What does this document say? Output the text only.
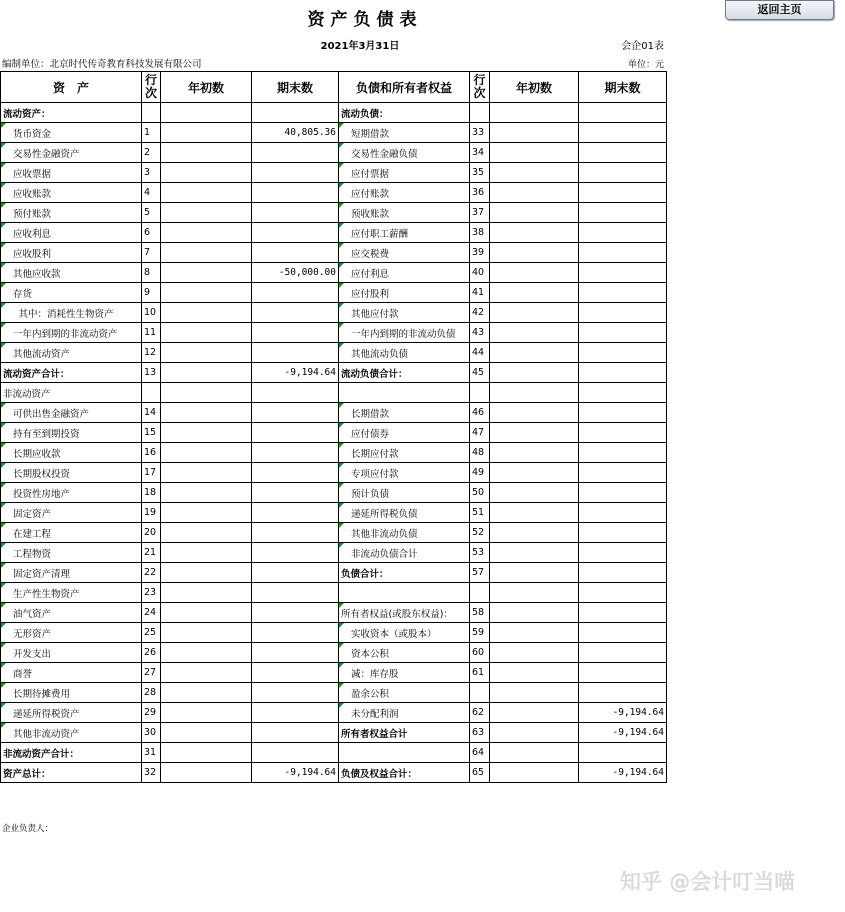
返回主页
资产负债表
2021年3月31日	会企01表
编制单位：北京时代传奇教育科技发展有限公司	单位：元
资　产	行次	年初数	期末数	负债和所有者权益	行次	年初数	期末数
流动资产：				流动负债：			
货币资金	1		40,805.36	短期借款	33		
交易性金融资产	2			交易性金融负债	34		
应收票据	3			应付票据	35		
应收账款	4			应付账款	36		
预付账款	5			预收账款	37		
应收利息	6			应付职工薪酬	38		
应收股利	7			应交税费	39		
其他应收款	8		-50,000.00	应付利息	40		
存货	9			应付股利	41		
　其中：消耗性生物资产	10			其他应付款	42		
一年内到期的非流动资产	11			一年内到期的非流动负债	43		
其他流动资产	12			其他流动负债	44		
流动资产合计：	13		-9,194.64	流动负债合计：	45		
非流动资产							
可供出售金融资产	14			长期借款	46		
持有至到期投资	15			应付债券	47		
长期应收款	16			长期应付款	48		
长期股权投资	17			专项应付款	49		
投资性房地产	18			预计负债	50		
固定资产	19			递延所得税负债	51		
在建工程	20			其他非流动负债	52		
工程物资	21			非流动负债合计	53		
固定资产清理	22			负债合计：	57		
生产性生物资产	23						
油气资产	24			所有者权益(或股东权益)：	58		
无形资产	25			实收资本（或股本）	59		
开发支出	26			资本公积	60		
商誉	27			减：库存股	61		
长期待摊费用	28			盈余公积			
递延所得税资产	29			未分配利润	62		-9,194.64
其他非流动资产	30			所有者权益合计	63		-9,194.64
非流动资产合计：	31				64		
资产总计：	32		-9,194.64	负债及权益合计：	65		-9,194.64
企业负责人：
知乎 @会计叮当喵
